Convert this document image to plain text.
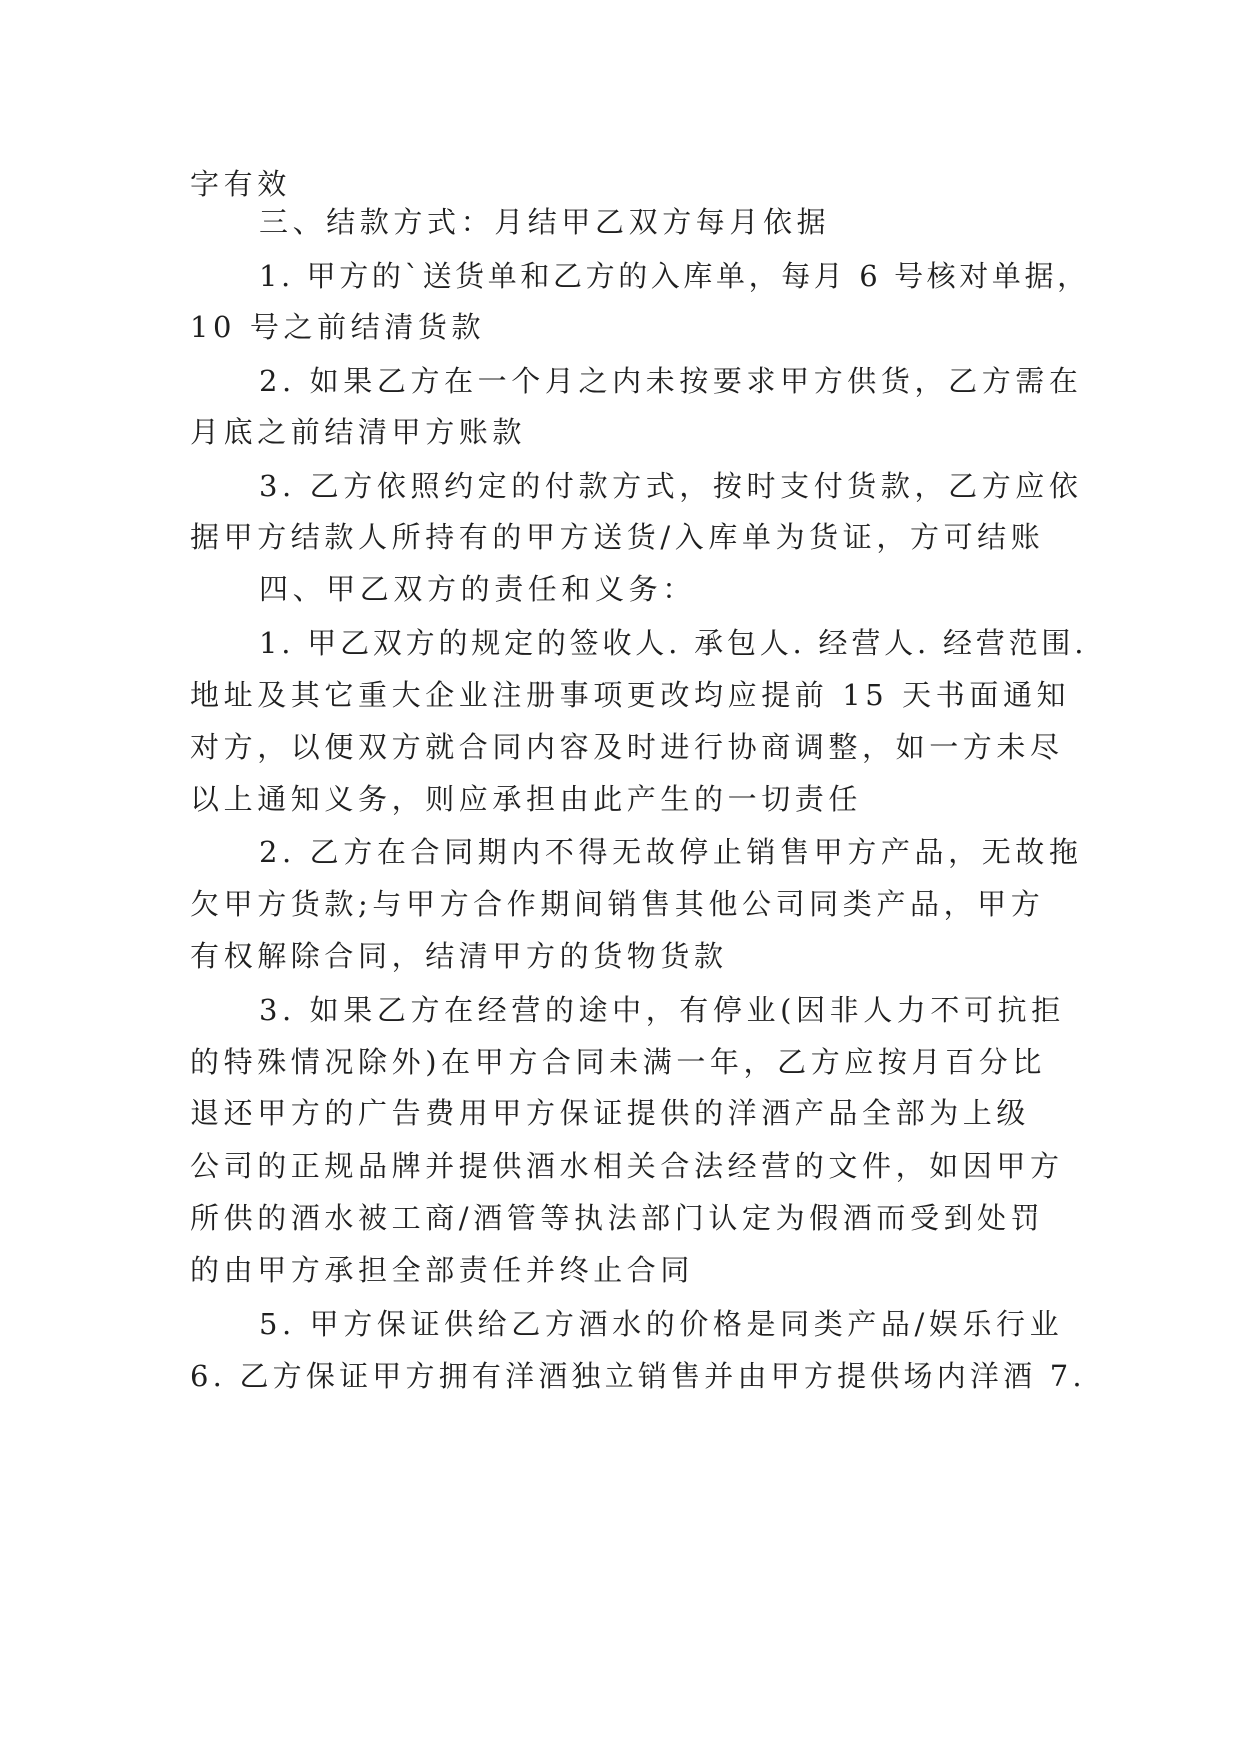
字有效
三、结款方式：月结甲乙双方每月依据
1. 甲方的`送货单和乙方的入库单，每月 6 号核对单据，
10 号之前结清货款
2. 如果乙方在一个月之内未按要求甲方供货，乙方需在
月底之前结清甲方账款
3. 乙方依照约定的付款方式，按时支付货款，乙方应依
据甲方结款人所持有的甲方送货/入库单为货证，方可结账
四、甲乙双方的责任和义务：
1. 甲乙双方的规定的签收人. 承包人. 经营人. 经营范围.
地址及其它重大企业注册事项更改均应提前 15 天书面通知
对方，以便双方就合同内容及时进行协商调整，如一方未尽
以上通知义务，则应承担由此产生的一切责任
2. 乙方在合同期内不得无故停止销售甲方产品，无故拖
欠甲方货款;与甲方合作期间销售其他公司同类产品，甲方
有权解除合同，结清甲方的货物货款
3. 如果乙方在经营的途中，有停业(因非人力不可抗拒
的特殊情况除外)在甲方合同未满一年，乙方应按月百分比
退还甲方的广告费用甲方保证提供的洋酒产品全部为上级
公司的正规品牌并提供酒水相关合法经营的文件，如因甲方
所供的酒水被工商/酒管等执法部门认定为假酒而受到处罚
的由甲方承担全部责任并终止合同
5. 甲方保证供给乙方酒水的价格是同类产品/娱乐行业
6. 乙方保证甲方拥有洋酒独立销售并由甲方提供场内洋酒 7.
